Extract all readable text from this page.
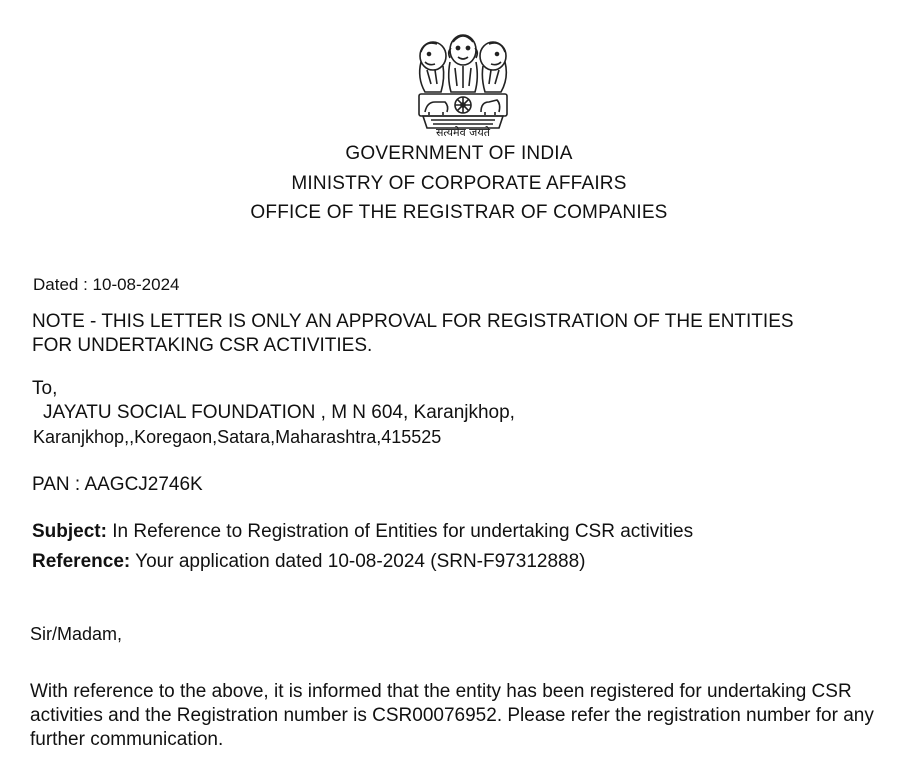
सत्यमेव जयते
GOVERNMENT OF INDIA
MINISTRY OF CORPORATE AFFAIRS
OFFICE OF THE REGISTRAR OF COMPANIES
Dated : 10-08-2024
NOTE - THIS LETTER IS ONLY AN APPROVAL FOR REGISTRATION OF THE ENTITIES FOR UNDERTAKING CSR ACTIVITIES.
To,
JAYATU SOCIAL FOUNDATION , M N 604, Karanjkhop,
Karanjkhop,,Koregaon,Satara,Maharashtra,415525
PAN : AAGCJ2746K
Subject: In Reference to Registration of Entities for undertaking CSR activities
Reference: Your application dated 10-08-2024 (SRN-F97312888)
Sir/Madam,
With reference to the above, it is informed that the entity has been registered for undertaking CSR activities and the Registration number is CSR00076952. Please refer the registration number for any further communication.
